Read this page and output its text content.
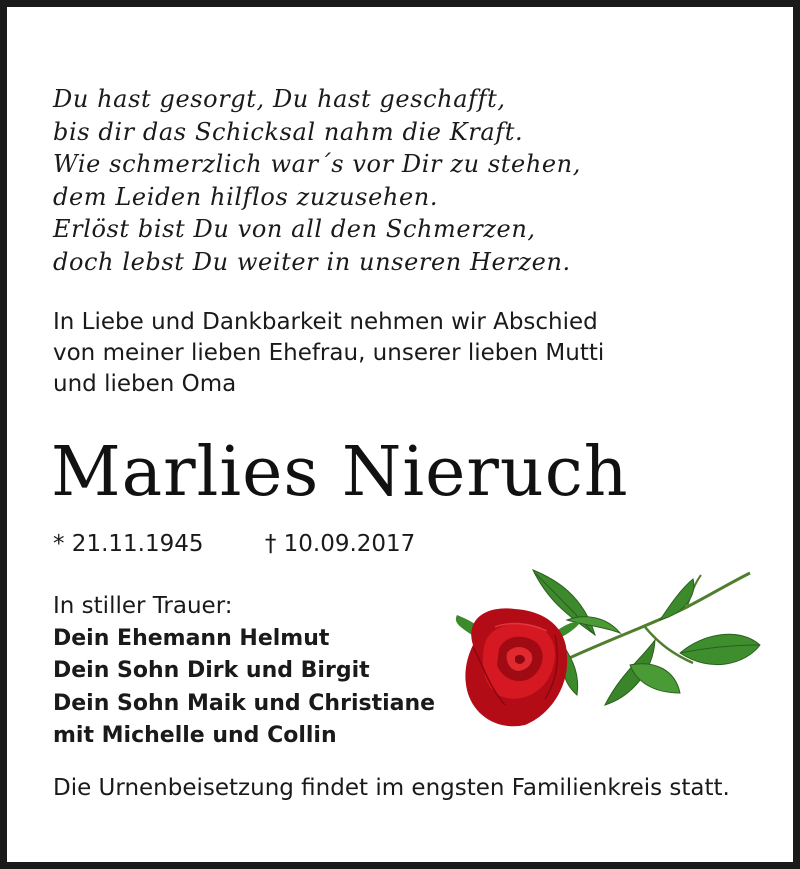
Du hast gesorgt, Du hast geschafft,
bis dir das Schicksal nahm die Kraft.
Wie schmerzlich war´s vor Dir zu stehen,
dem Leiden hilflos zuzusehen.
Erlöst bist Du von all den Schmerzen,
doch lebst Du weiter in unseren Herzen.
In Liebe und Dankbarkeit nehmen wir Abschied
von meiner lieben Ehefrau, unserer lieben Mutti
und lieben Oma
Marlies Nieruch
* 21.11.1945	† 10.09.2017
In stiller Trauer:
Dein Ehemann Helmut
Dein Sohn Dirk und Birgit
Dein Sohn Maik und Christiane
mit Michelle und Collin
Die Urnenbeisetzung findet im engsten Familienkreis statt.
